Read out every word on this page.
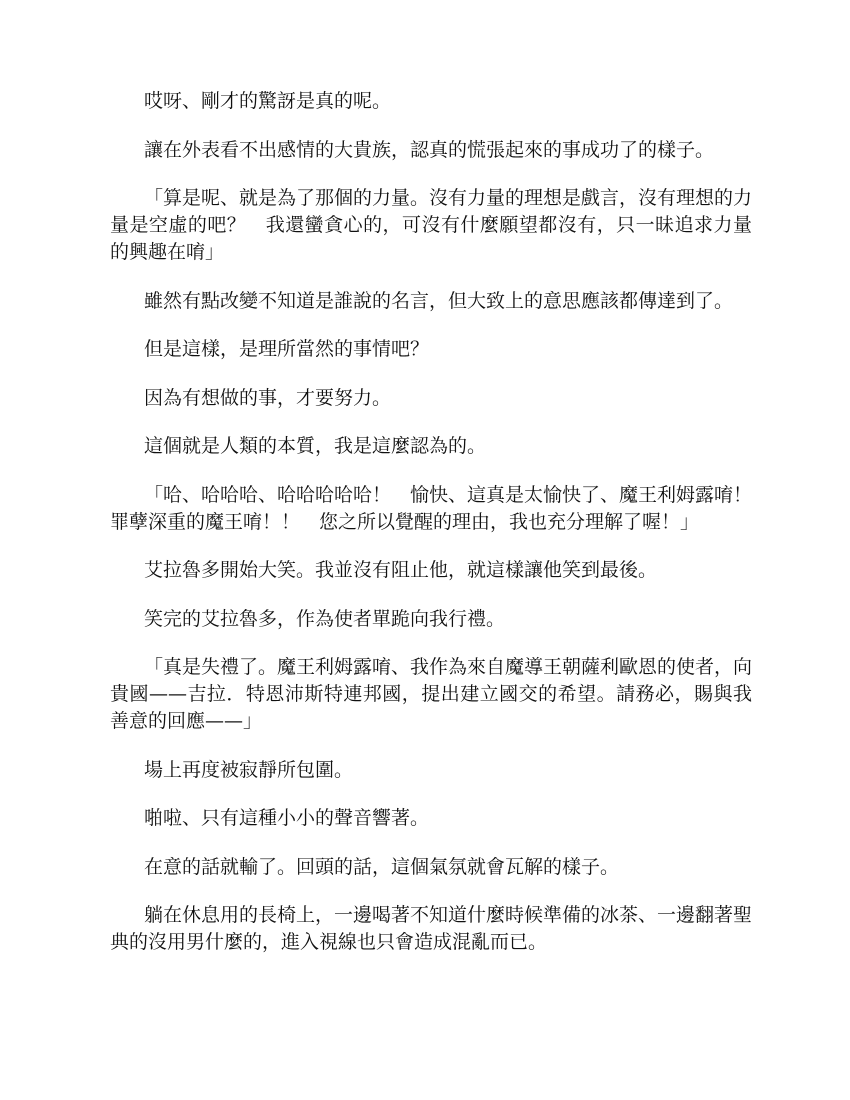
哎呀、剛才的驚訝是真的呢。

讓在外表看不出感情的大貴族，認真的慌張起來的事成功了的樣子。

「算是呢、就是為了那個的力量。沒有力量的理想是戲言，沒有理想的力量是空虛的吧？　我還蠻貪心的，可沒有什麼願望都沒有，只一昧追求力量的興趣在唷」

雖然有點改變不知道是誰說的名言，但大致上的意思應該都傳達到了。

但是這樣，是理所當然的事情吧？

因為有想做的事，才要努力。

這個就是人類的本質，我是這麼認為的。

「哈、哈哈哈、哈哈哈哈哈！　愉快、這真是太愉快了、魔王利姆露唷！　罪孽深重的魔王唷！！　您之所以覺醒的理由，我也充分理解了喔！」

艾拉魯多開始大笑。我並沒有阻止他，就這樣讓他笑到最後。

笑完的艾拉魯多，作為使者單跪向我行禮。

「真是失禮了。魔王利姆露唷、我作為來自魔導王朝薩利歐恩的使者，向貴國——吉拉．特恩沛斯特連邦國，提出建立國交的希望。請務必，賜與我善意的回應——」

場上再度被寂靜所包圍。

啪啦、只有這種小小的聲音響著。

在意的話就輸了。回頭的話，這個氣氛就會瓦解的樣子。

躺在休息用的長椅上，一邊喝著不知道什麼時候準備的冰茶、一邊翻著聖典的沒用男什麼的，進入視線也只會造成混亂而已。
